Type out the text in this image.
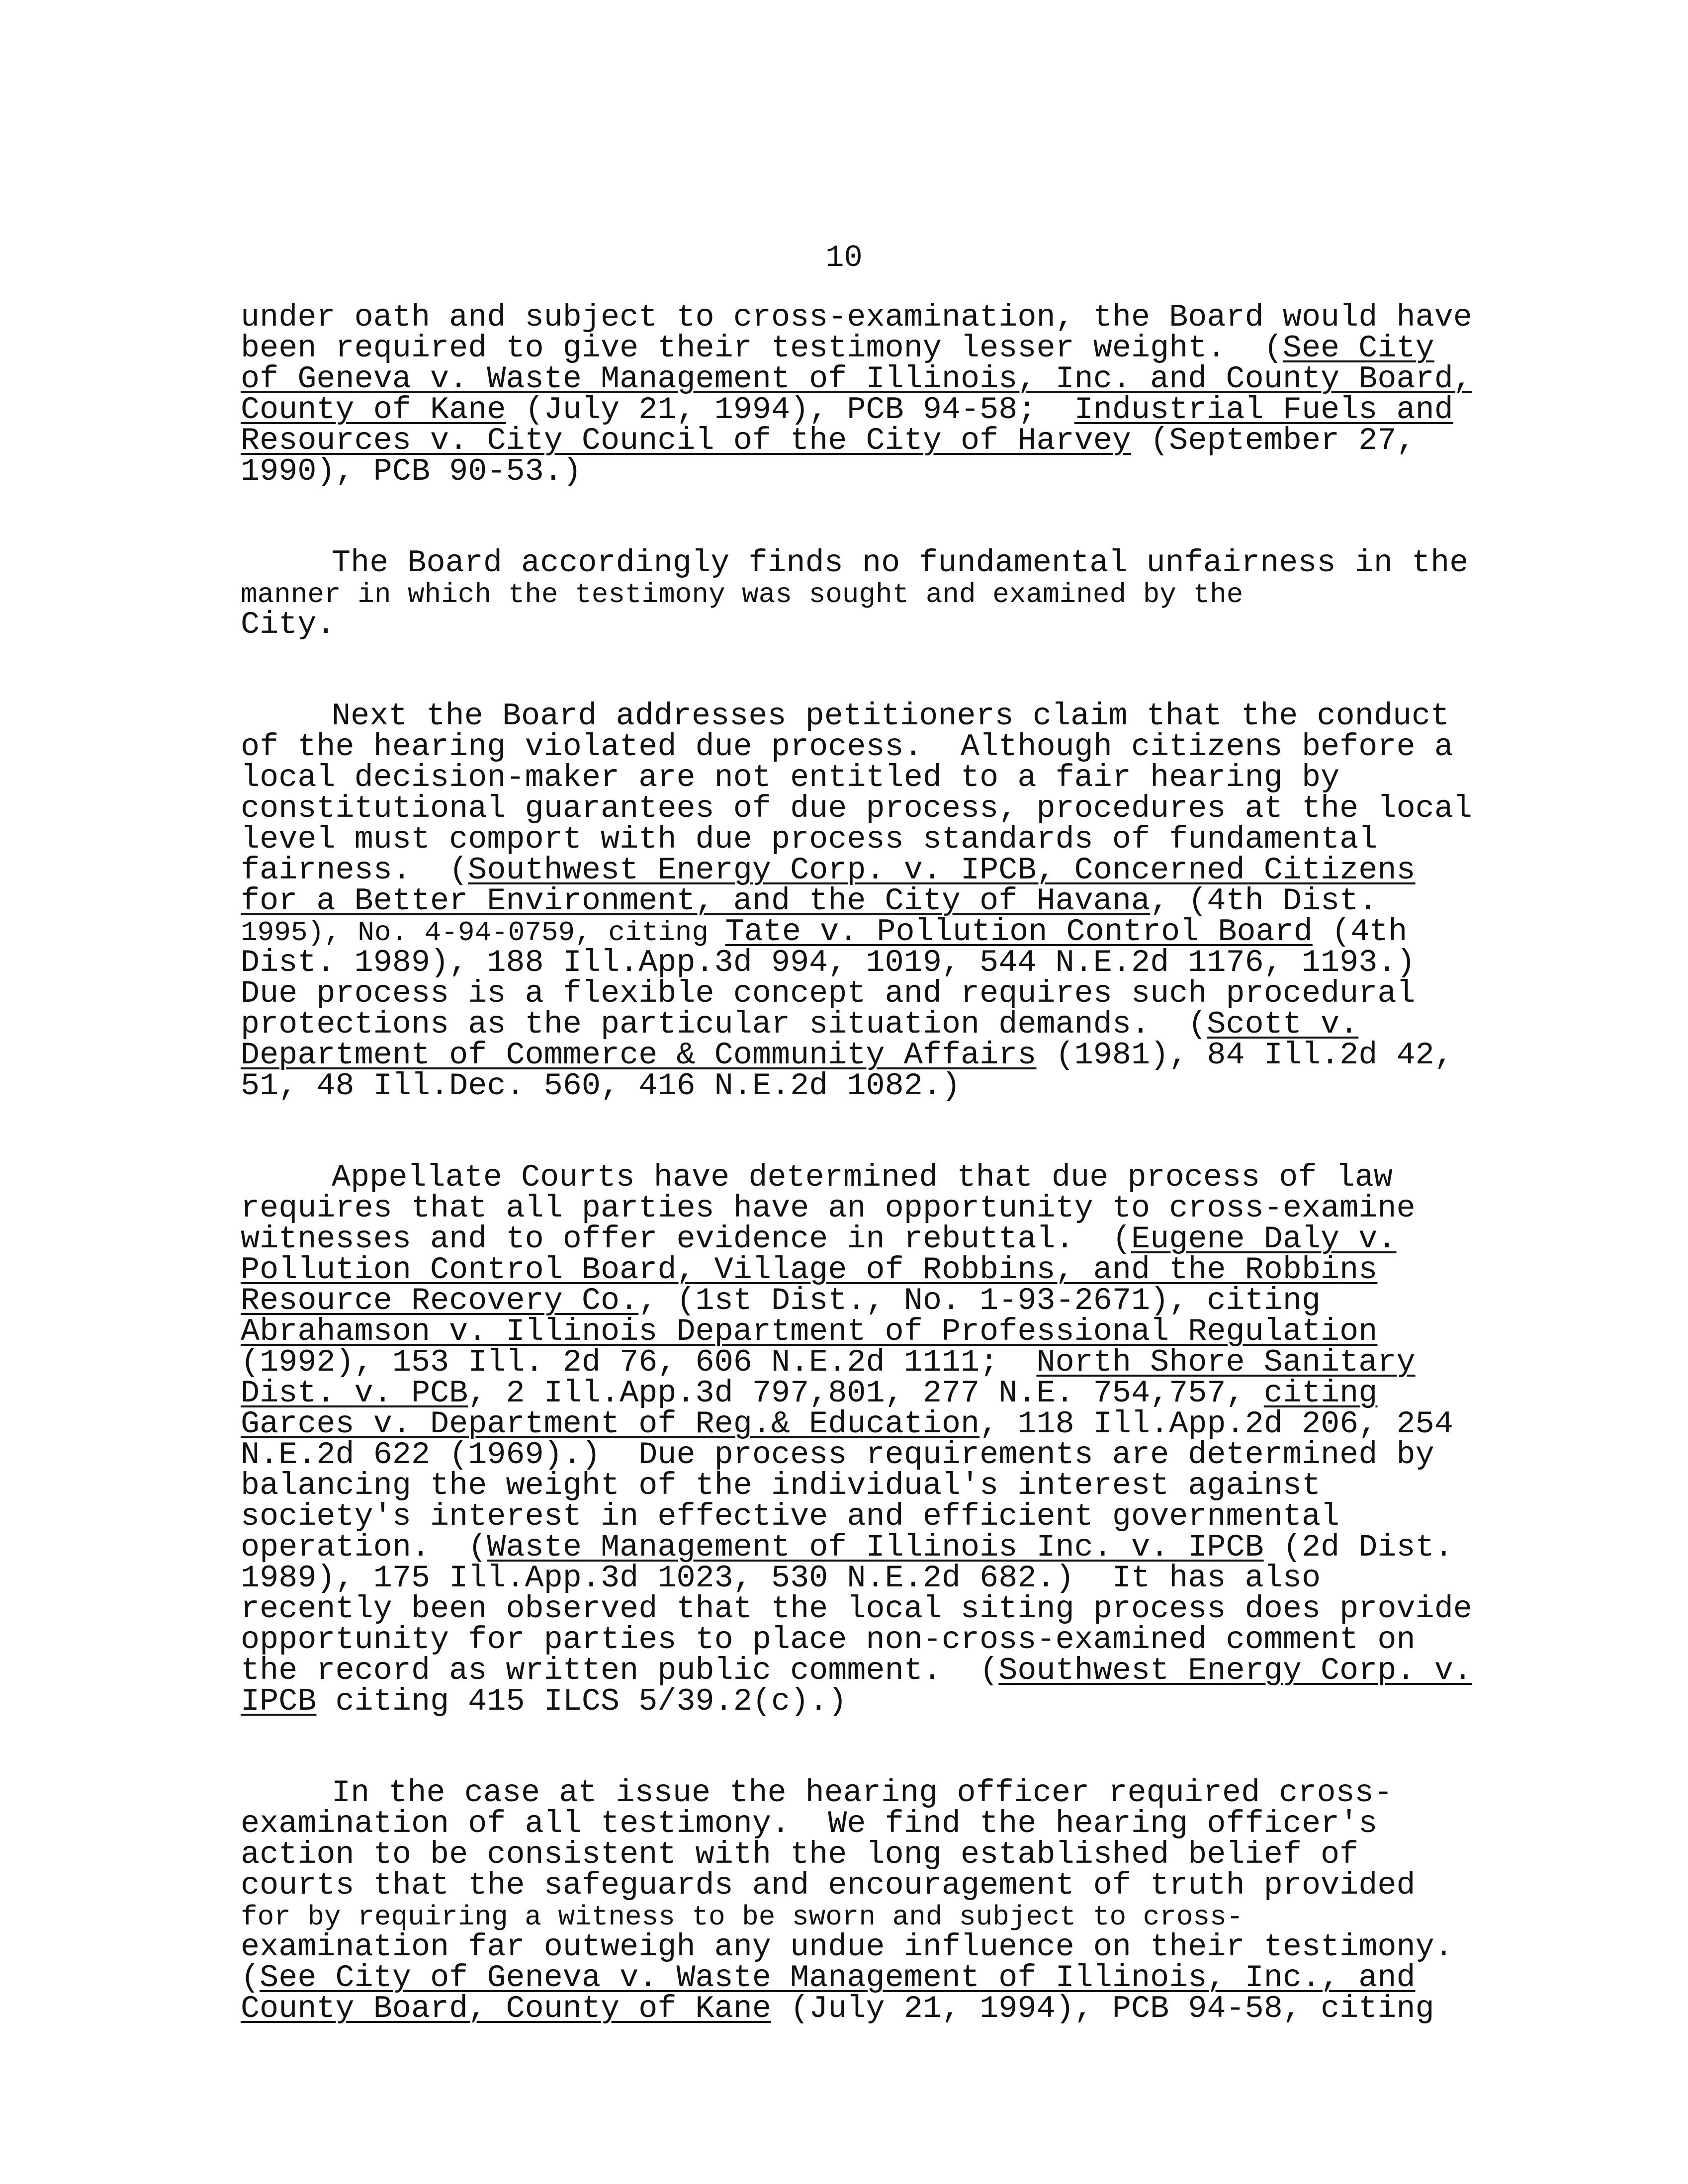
10
under oath and subject to cross-examination, the Board would have
been required to give their testimony lesser weight.  (See City
of Geneva v. Waste Management of Illinois, Inc. and County Board,
County of Kane (July 21, 1994), PCB 94-58;  Industrial Fuels and
Resources v. City Council of the City of Harvey (September 27,
1990), PCB 90-53.)
The Board accordingly finds no fundamental unfairness in the
manner in which the testimony was sought and examined by the
City.
Next the Board addresses petitioners claim that the conduct
of the hearing violated due process.  Although citizens before a
local decision-maker are not entitled to a fair hearing by
constitutional guarantees of due process, procedures at the local
level must comport with due process standards of fundamental
fairness.  (Southwest Energy Corp. v. IPCB, Concerned Citizens
for a Better Environment, and the City of Havana, (4th Dist.
1995), No. 4-94-0759, citing Tate v. Pollution Control Board (4th
Dist. 1989), 188 Ill.App.3d 994, 1019, 544 N.E.2d 1176, 1193.)
Due process is a flexible concept and requires such procedural
protections as the particular situation demands.  (Scott v.
Department of Commerce & Community Affairs (1981), 84 Ill.2d 42,
51, 48 Ill.Dec. 560, 416 N.E.2d 1082.)
Appellate Courts have determined that due process of law
requires that all parties have an opportunity to cross-examine
witnesses and to offer evidence in rebuttal.  (Eugene Daly v.
Pollution Control Board, Village of Robbins, and the Robbins
Resource Recovery Co., (1st Dist., No. 1-93-2671), citing
Abrahamson v. Illinois Department of Professional Regulation
(1992), 153 Ill. 2d 76, 606 N.E.2d 1111;  North Shore Sanitary
Dist. v. PCB, 2 Ill.App.3d 797,801, 277 N.E. 754,757, citing
Garces v. Department of Reg.& Education, 118 Ill.App.2d 206, 254
N.E.2d 622 (1969).)  Due process requirements are determined by
balancing the weight of the individual's interest against
society's interest in effective and efficient governmental
operation.  (Waste Management of Illinois Inc. v. IPCB (2d Dist.
1989), 175 Ill.App.3d 1023, 530 N.E.2d 682.)  It has also
recently been observed that the local siting process does provide
opportunity for parties to place non-cross-examined comment on
the record as written public comment.  (Southwest Energy Corp. v.
IPCB citing 415 ILCS 5/39.2(c).)
In the case at issue the hearing officer required cross-
examination of all testimony.  We find the hearing officer's
action to be consistent with the long established belief of
courts that the safeguards and encouragement of truth provided
for by requiring a witness to be sworn and subject to cross-
examination far outweigh any undue influence on their testimony.
(See City of Geneva v. Waste Management of Illinois, Inc., and
County Board, County of Kane (July 21, 1994), PCB 94-58, citing
